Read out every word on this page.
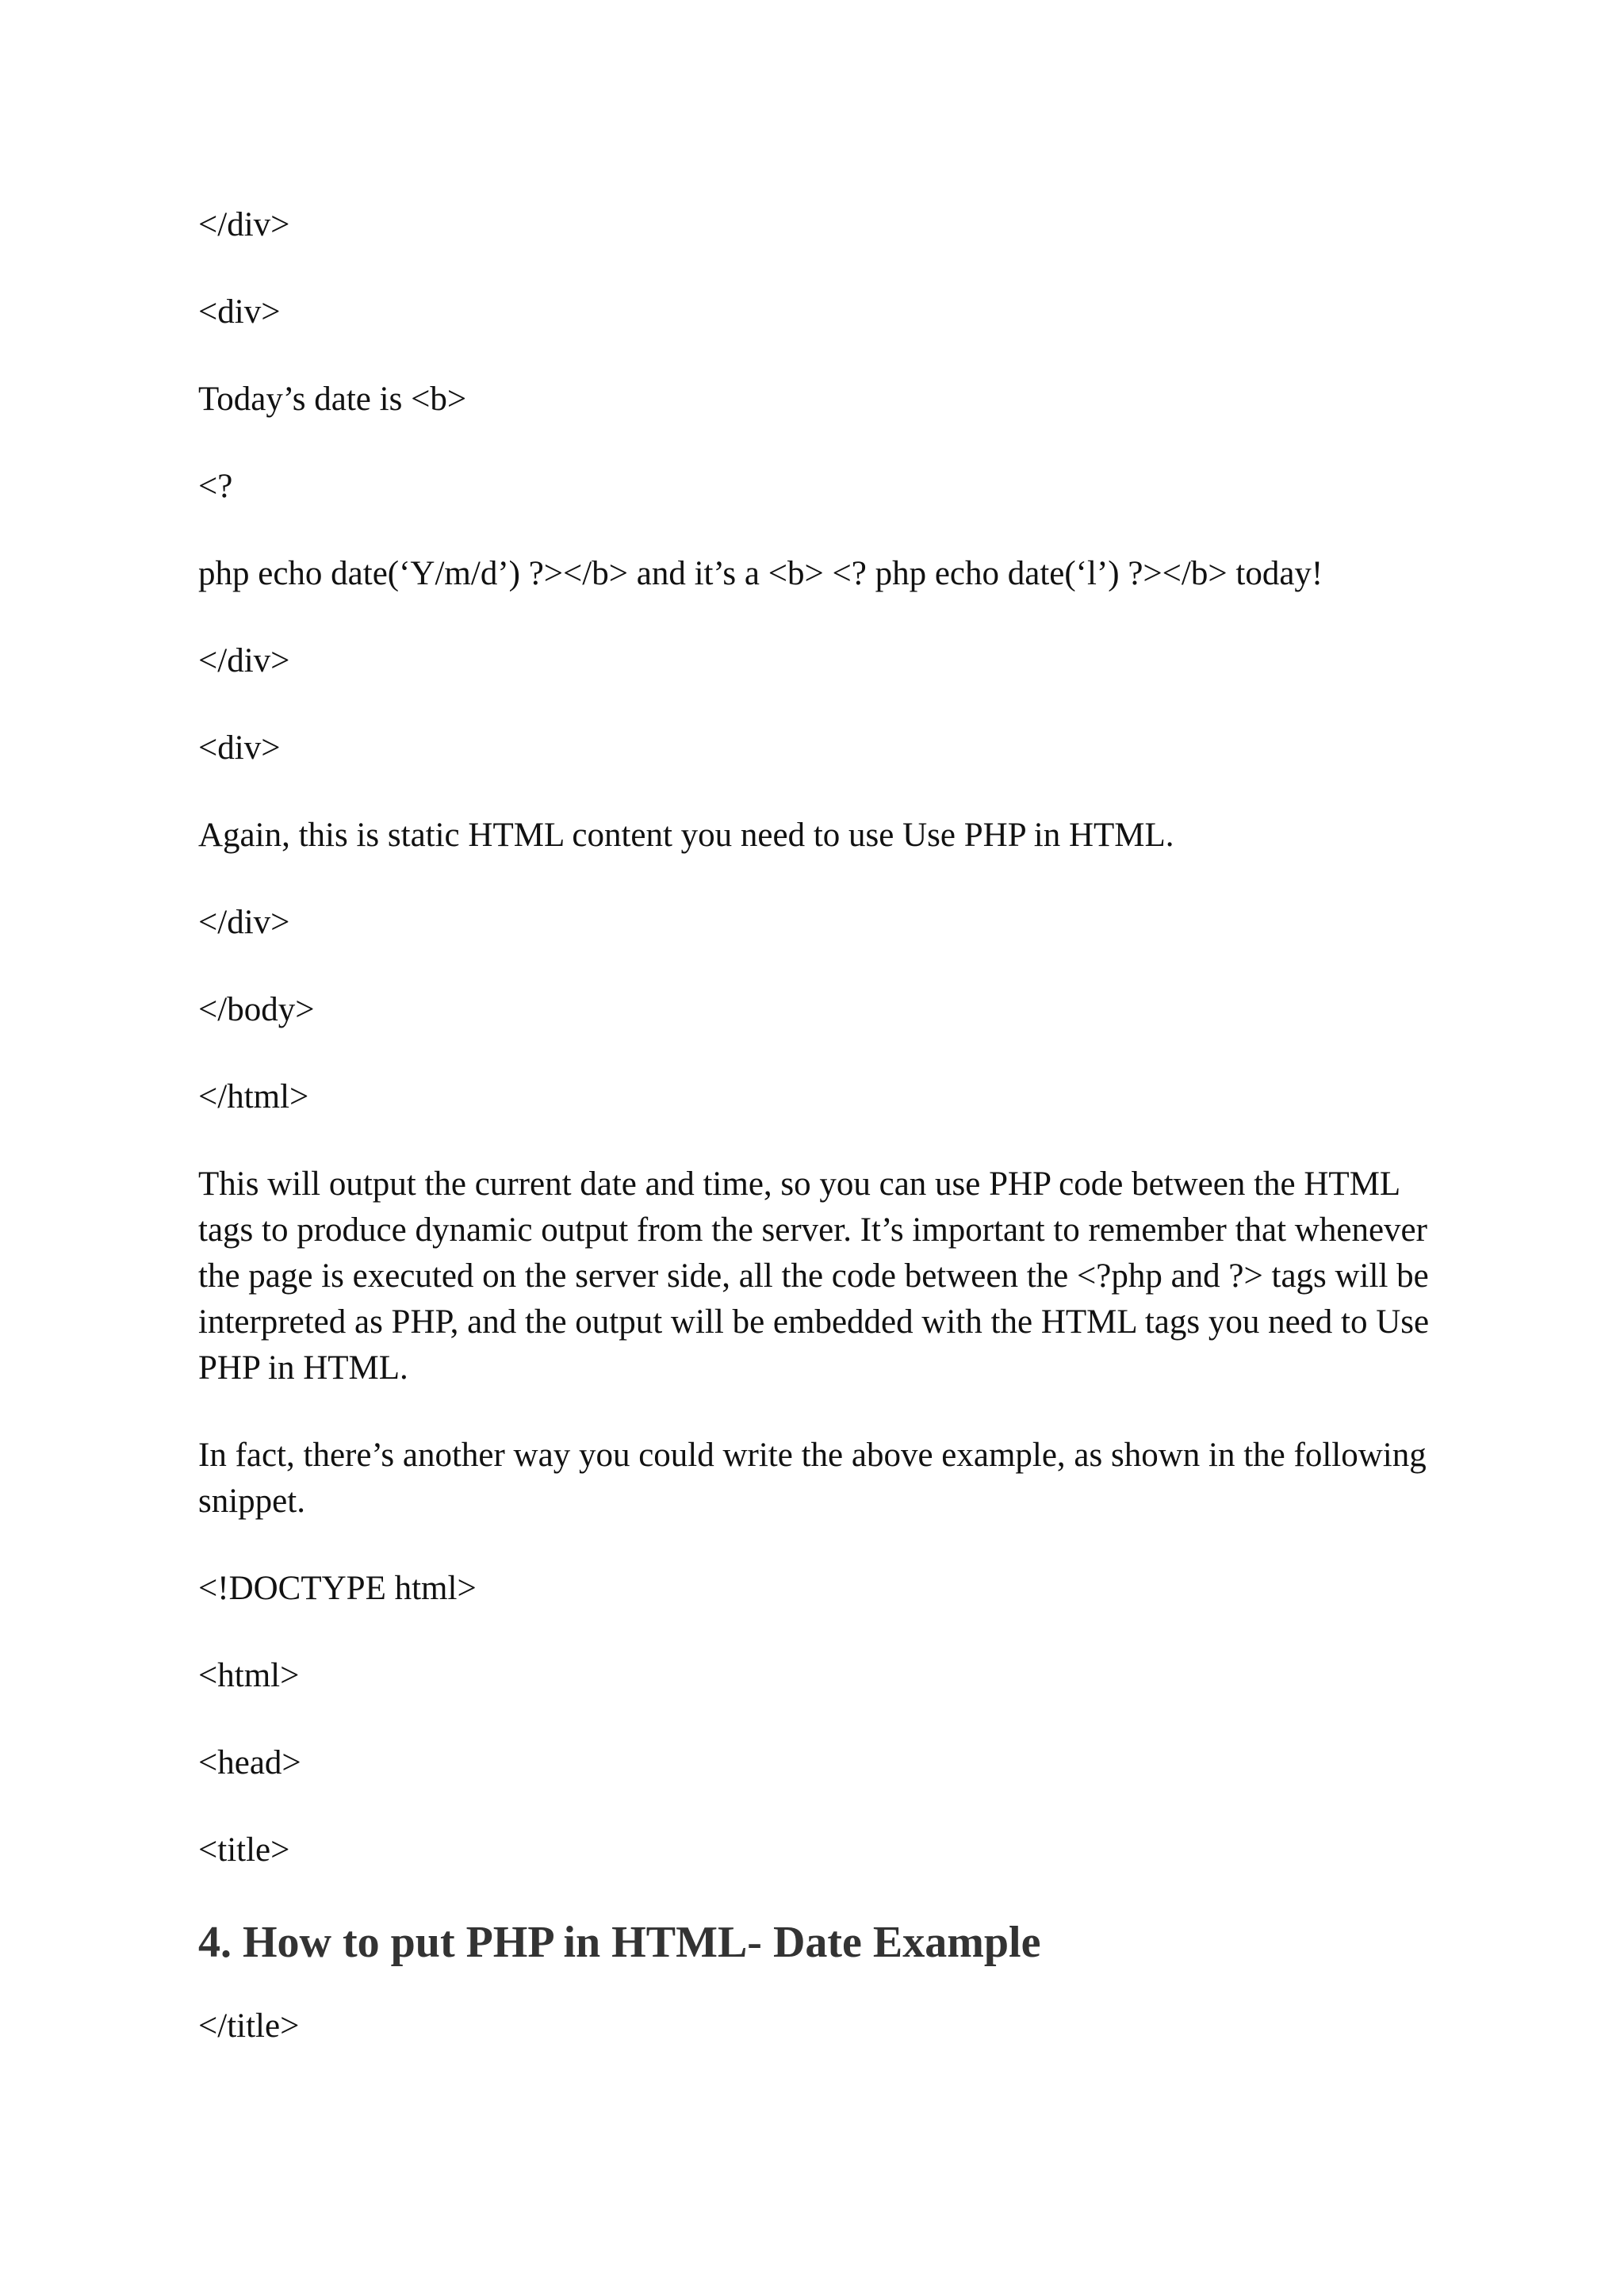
</div>
<div>
Today’s date is <b>
<?
php echo date(‘Y/m/d’) ?></b> and it’s a <b> <? php echo date(‘l’) ?></b> today!
</div>
<div>
Again, this is static HTML content you need to use Use PHP in HTML.
</div>
</body>
</html>

This will output the current date and time, so you can use PHP code between the HTML tags to produce dynamic output from the server. It’s important to remember that whenever the page is executed on the server side, all the code between the <?php and ?> tags will be interpreted as PHP, and the output will be embedded with the HTML tags you need to Use PHP in HTML.

In fact, there’s another way you could write the above example, as shown in the following snippet.

<!DOCTYPE html>
<html>
<head>
<title>
4. How to put PHP in HTML- Date Example
</title>
